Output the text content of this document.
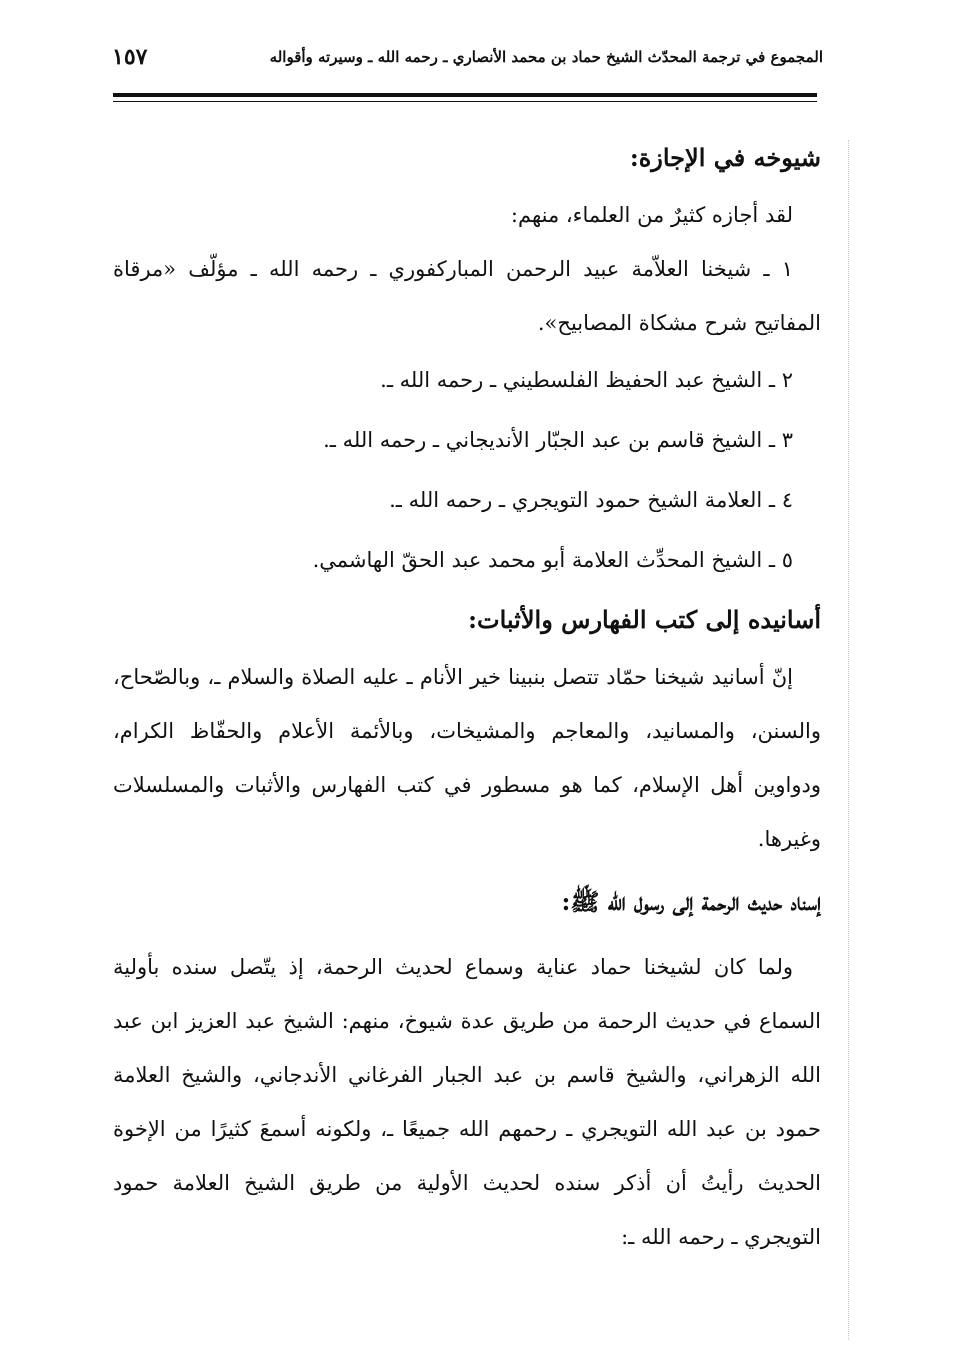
المجموع في ترجمة المحدّث الشيخ حماد بن محمد الأنصاري ـ رحمه الله ـ وسيرته وأقواله
١٥٧
شيوخه في الإجازة:

لقد أجازه كثيرٌ من العلماء، منهم:

١ ـ شيخنا العلاّمة عبيد الرحمن المباركفوري ـ رحمه الله ـ مؤلّف «مرقاة المفاتيح شرح مشكاة المصابيح».

٢ ـ الشيخ عبد الحفيظ الفلسطيني ـ رحمه الله ـ.

٣ ـ الشيخ قاسم بن عبد الجبّار الأنديجاني ـ رحمه الله ـ.

٤ ـ العلامة الشيخ حمود التويجري ـ رحمه الله ـ.

٥ ـ الشيخ المحدِّث العلامة أبو محمد عبد الحقّ الهاشمي.

أسانيده إلى كتب الفهارس والأثبات:

إنّ أسانيد شيخنا حمّاد تتصل بنبينا خير الأنام ـ عليه الصلاة والسلام ـ، وبالصّحاح، والسنن، والمسانيد، والمعاجم والمشيخات، وبالأئمة الأعلام والحفّاظ الكرام، ودواوين أهل الإسلام، كما هو مسطور في كتب الفهارس والأثبات والمسلسلات وغيرها.

إسناد حديث الرحمة إلى رسول الله ﷺ:

ولما كان لشيخنا حماد عناية وسماع لحديث الرحمة، إذ يتّصل سنده بأولية السماع في حديث الرحمة من طريق عدة شيوخ، منهم: الشيخ عبد العزيز ابن عبد الله الزهراني، والشيخ قاسم بن عبد الجبار الفرغاني الأندجاني، والشيخ العلامة حمود بن عبد الله التويجري ـ رحمهم الله جميعًا ـ، ولكونه أسمعَ كثيرًا من الإخوة الحديث رأيتُ أن أذكر سنده لحديث الأولية من طريق الشيخ العلامة حمود التويجري ـ رحمه الله ـ:
